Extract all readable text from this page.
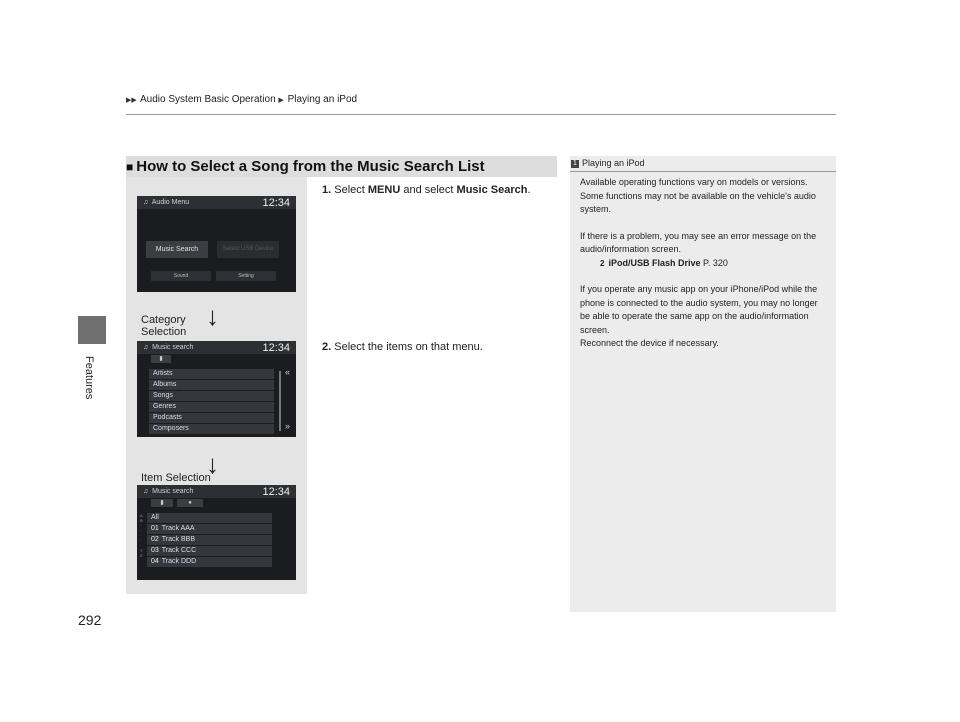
▶▶ Audio System Basic Operation ▶ Playing an iPod
Features
■ How to Select a Song from the Music Search List
♫ Audio Menu	12:34
Music Search	Select USB Device
Sound	Setting
↓
Category
Selection
♫ Music search	12:34
▮
Artists
Albums
Songs
Genres
Podcasts
Composers
«
»
↓
Item Selection
♫ Music search	12:34
▮	●
A
B
·
·
·
·
·
Y
Z
All
01 Track AAA
02 Track BBB
03 Track CCC
04 Track DDD
1. Select MENU and select Music Search.
2. Select the items on that menu.
1 Playing an iPod

Available operating functions vary on models or versions. Some functions may not be available on the vehicle's audio system.

If there is a problem, you may see an error message on the audio/information screen.

2 iPod/USB Flash Drive P. 320

If you operate any music app on your iPhone/iPod while the phone is connected to the audio system, you may no longer be able to operate the same app on the audio/information screen.

Reconnect the device if necessary.

292
